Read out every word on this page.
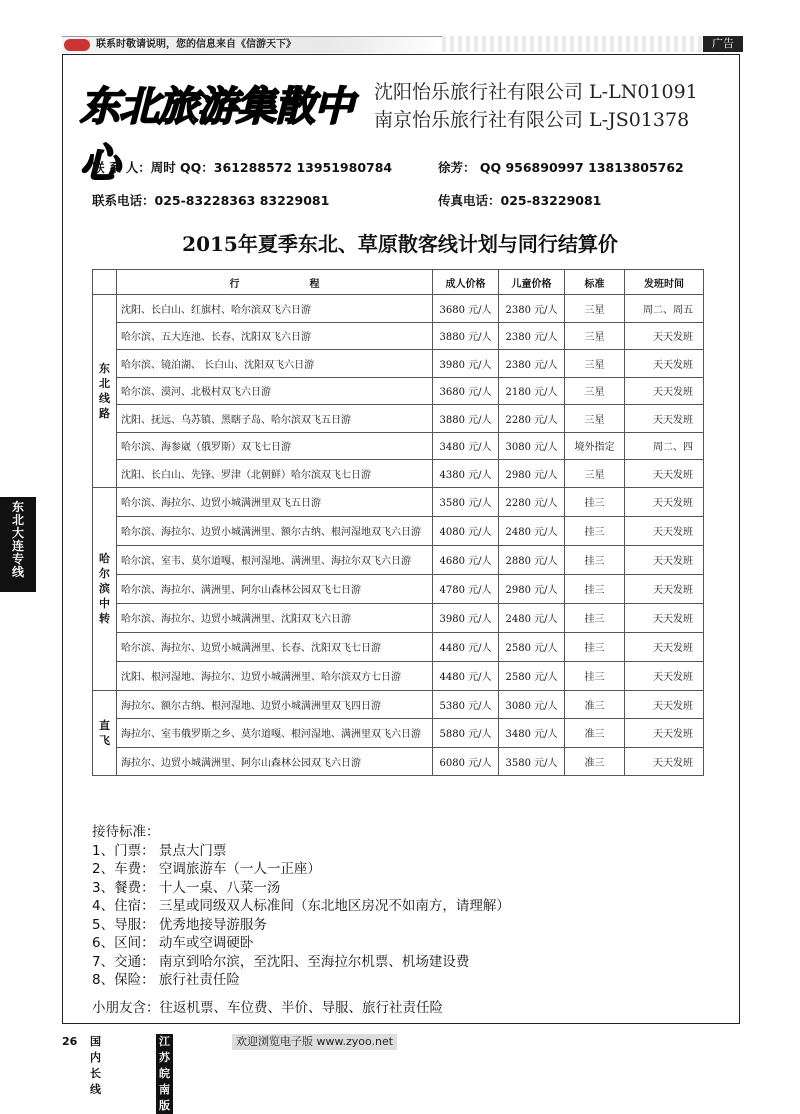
联系时敬请说明，您的信息来自《信游天下》	广告
东北旅游集散中心
沈阳怡乐旅行社有限公司 L-LN01091
南京怡乐旅行社有限公司 L-JS01378
联 系 人：周时 QQ：361288572 13951980784	徐芳： QQ 956890997 13813805762
联系电话：025-83228363 83229081	传真电话：025-83229081
2015年夏季东北、草原散客线计划与同行结算价
	行　　　　　　　程	成人价格	儿童价格	标准	发班时间
东
北
线
路	沈阳、长白山、红旗村、哈尔滨双飞六日游	3680 元/人	2380 元/人	三星	周二、周五
	哈尔滨、五大连池、长春、沈阳双飞六日游	3880 元/人	2380 元/人	三星	天天发班
	哈尔滨、镜泊湖、 长白山、沈阳双飞六日游	3980 元/人	2380 元/人	三星	天天发班
	哈尔滨、漠河、北极村双飞六日游	3680 元/人	2180 元/人	三星	天天发班
	沈阳、抚远、乌苏镇、黑瞎子岛、哈尔滨双飞五日游	3880 元/人	2280 元/人	三星	天天发班
	哈尔滨、海参崴（俄罗斯）双飞七日游	3480 元/人	3080 元/人	境外指定	周二、四
	沈阳、长白山、先锋、罗津（北朝鲜）哈尔滨双飞七日游	4380 元/人	2980 元/人	三星	天天发班
哈
尔
滨
中
转	哈尔滨、海拉尔、边贸小城满洲里双飞五日游	3580 元/人	2280 元/人	挂三	天天发班
	哈尔滨、海拉尔、边贸小城满洲里、额尔古纳、根河湿地双飞六日游	4080 元/人	2480 元/人	挂三	天天发班
	哈尔滨、室韦、莫尔道嘎、根河湿地、满洲里、海拉尔双飞六日游	4680 元/人	2880 元/人	挂三	天天发班
	哈尔滨、海拉尔、满洲里、阿尔山森林公园双飞七日游	4780 元/人	2980 元/人	挂三	天天发班
	哈尔滨、海拉尔、边贸小城满洲里、沈阳双飞六日游	3980 元/人	2480 元/人	挂三	天天发班
	哈尔滨、海拉尔、边贸小城满洲里、长春、沈阳双飞七日游	4480 元/人	2580 元/人	挂三	天天发班
	沈阳、根河湿地、海拉尔、边贸小城满洲里、哈尔滨双方七日游	4480 元/人	2580 元/人	挂三	天天发班
直
飞	海拉尔、额尔古纳、根河湿地、边贸小城满洲里双飞四日游	5380 元/人	3080 元/人	准三	天天发班
	海拉尔、室韦俄罗斯之乡、莫尔道嘎、根河湿地、满洲里双飞六日游	5880 元/人	3480 元/人	准三	天天发班
	海拉尔、边贸小城满洲里、阿尔山森林公园双飞六日游	6080 元/人	3580 元/人	准三	天天发班
东
北
大
连
专
线
接待标准：
1、门票： 景点大门票
2、车费： 空调旅游车（一人一正座）
3、餐费： 十人一桌、八菜一汤
4、住宿： 三星或同级双人标准间（东北地区房况不如南方，请理解）
5、导服： 优秀地接导游服务
6、区间： 动车或空调硬卧
7、交通： 南京到哈尔滨，至沈阳、至海拉尔机票、机场建设费
8、保险： 旅行社责任险
小朋友含：往返机票、车位费、半价、导服、旅行社责任险
26 国内长线
江苏皖南版
欢迎浏览电子版 www.zyoo.net
